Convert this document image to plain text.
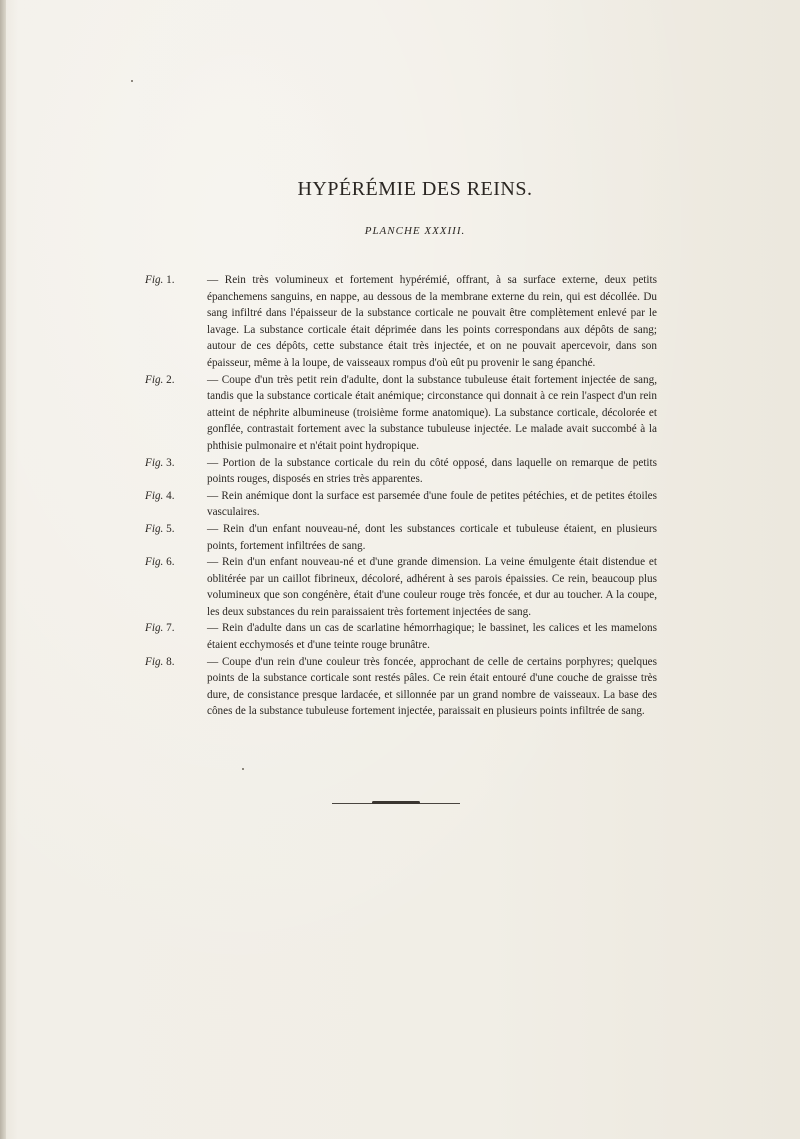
HYPÉRÉMIE DES REINS.
PLANCHE XXXIII.

Fig. 1.	— Rein très volumineux et fortement hypérémié, offrant, à sa surface externe, deux petits épanchemens sanguins, en nappe, au dessous de la membrane externe du rein, qui est décollée. Du sang infiltré dans l'épaisseur de la substance corticale ne pouvait être complètement enlevé par le lavage. La substance corticale était déprimée dans les points correspondans aux dépôts de sang; autour de ces dépôts, cette substance était très injectée, et on ne pouvait apercevoir, dans son épaisseur, même à la loupe, de vaisseaux rompus d'où eût pu provenir le sang épanché.

Fig. 2.	— Coupe d'un très petit rein d'adulte, dont la substance tubuleuse était fortement injectée de sang, tandis que la substance corticale était anémique; circonstance qui donnait à ce rein l'aspect d'un rein atteint de néphrite albumineuse (troisième forme anatomique). La substance corticale, décolorée et gonflée, contrastait fortement avec la substance tubuleuse injectée. Le malade avait succombé à la phthisie pulmonaire et n'était point hydropique.

Fig. 3.	— Portion de la substance corticale du rein du côté opposé, dans laquelle on remarque de petits points rouges, disposés en stries très apparentes.

Fig. 4.	— Rein anémique dont la surface est parsemée d'une foule de petites pétéchies, et de petites étoiles vasculaires.

Fig. 5.	— Rein d'un enfant nouveau-né, dont les substances corticale et tubuleuse étaient, en plusieurs points, fortement infiltrées de sang.

Fig. 6.	— Rein d'un enfant nouveau-né et d'une grande dimension. La veine émulgente était distendue et oblitérée par un caillot fibrineux, décoloré, adhérent à ses parois épaissies. Ce rein, beaucoup plus volumineux que son congénère, était d'une couleur rouge très foncée, et dur au toucher. A la coupe, les deux substances du rein paraissaient très fortement injectées de sang.

Fig. 7.	— Rein d'adulte dans un cas de scarlatine hémorrhagique; le bassinet, les calices et les mamelons étaient ecchymosés et d'une teinte rouge brunâtre.

Fig. 8.	— Coupe d'un rein d'une couleur très foncée, approchant de celle de certains porphyres; quelques points de la substance corticale sont restés pâles. Ce rein était entouré d'une couche de graisse très dure, de consistance presque lardacée, et sillonnée par un grand nombre de vaisseaux. La base des cônes de la substance tubuleuse fortement injectée, paraissait en plusieurs points infiltrée de sang.
